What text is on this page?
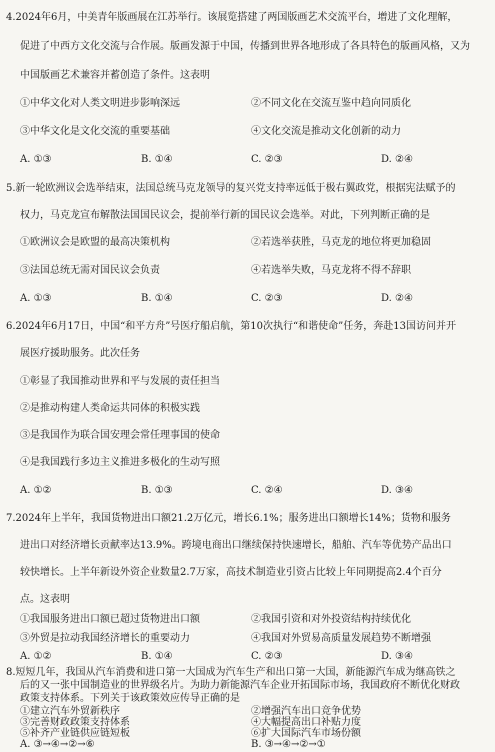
4.2024年6月，中美青年版画展在江苏举行。该展览搭建了两国版画艺术交流平台，增进了文化理解，
促进了中西方文化交流与合作展。版画发源于中国，传播到世界各地形成了各具特色的版画风格，又为
中国版画艺术兼容并蓄创造了条件。这表明
①中华文化对人类文明进步影响深远	②不同文化在交流互鉴中趋向同质化
③中华文化是文化交流的重要基础	④文化交流是推动文化创新的动力
A. ①③	B. ①④	C. ②③	D. ②④
5.新一轮欧洲议会选举结束，法国总统马克龙领导的复兴党支持率远低于极右翼政党，根据宪法赋予的
权力，马克龙宣布解散法国国民议会，提前举行新的国民议会选举。对此，下列判断正确的是
①欧洲议会是欧盟的最高决策机构	②若选举获胜，马克龙的地位将更加稳固
③法国总统无需对国民议会负责	④若选举失败，马克龙将不得不辞职
A. ①③	B. ①④	C. ②③	D. ②④
6.2024年6月17日，中国“和平方舟”号医疗船启航，第10次执行“和谐使命”任务，奔赴13国访问并开
展医疗援助服务。此次任务
①彰显了我国推动世界和平与发展的责任担当
②是推动构建人类命运共同体的积极实践
③是我国作为联合国安理会常任理事国的使命
④是我国践行多边主义推进多极化的生动写照
A. ①②	B. ①③	C. ②④	D. ③④
7.2024年上半年，我国货物进出口额21.2万亿元，增长6.1%；服务进出口额增长14%；货物和服务
进出口对经济增长贡献率达13.9%。跨境电商出口继续保持快速增长，船舶、汽车等优势产品出口
较快增长。上半年新设外资企业数量2.7万家，高技术制造业引资占比较上年同期提高2.4个百分
点。这表明
①我国服务进出口额已超过货物进出口额	②我国引资和对外投资结构持续优化
③外贸是拉动我国经济增长的重要动力	④我国对外贸易高质量发展趋势不断增强
A. ①②	B. ①④	C. ②③	D. ③④
8.短短几年，我国从汽车消费和进口第一大国成为汽车生产和出口第一大国，新能源汽车成为继高铁之
后的又一张中国制造业的世界级名片。为助力新能源汽车企业开拓国际市场，我国政府不断优化财政
政策支持体系。下列关于该政策效应传导正确的是
①建立汽车外贸新秩序	②增强汽车出口竞争优势
③完善财政政策支持体系	④大幅提高出口补贴力度
⑤补齐产业链供应链短板	⑥扩大国际汽车市场份额
A. ③→④→②→⑥	B. ③→④→②→①
